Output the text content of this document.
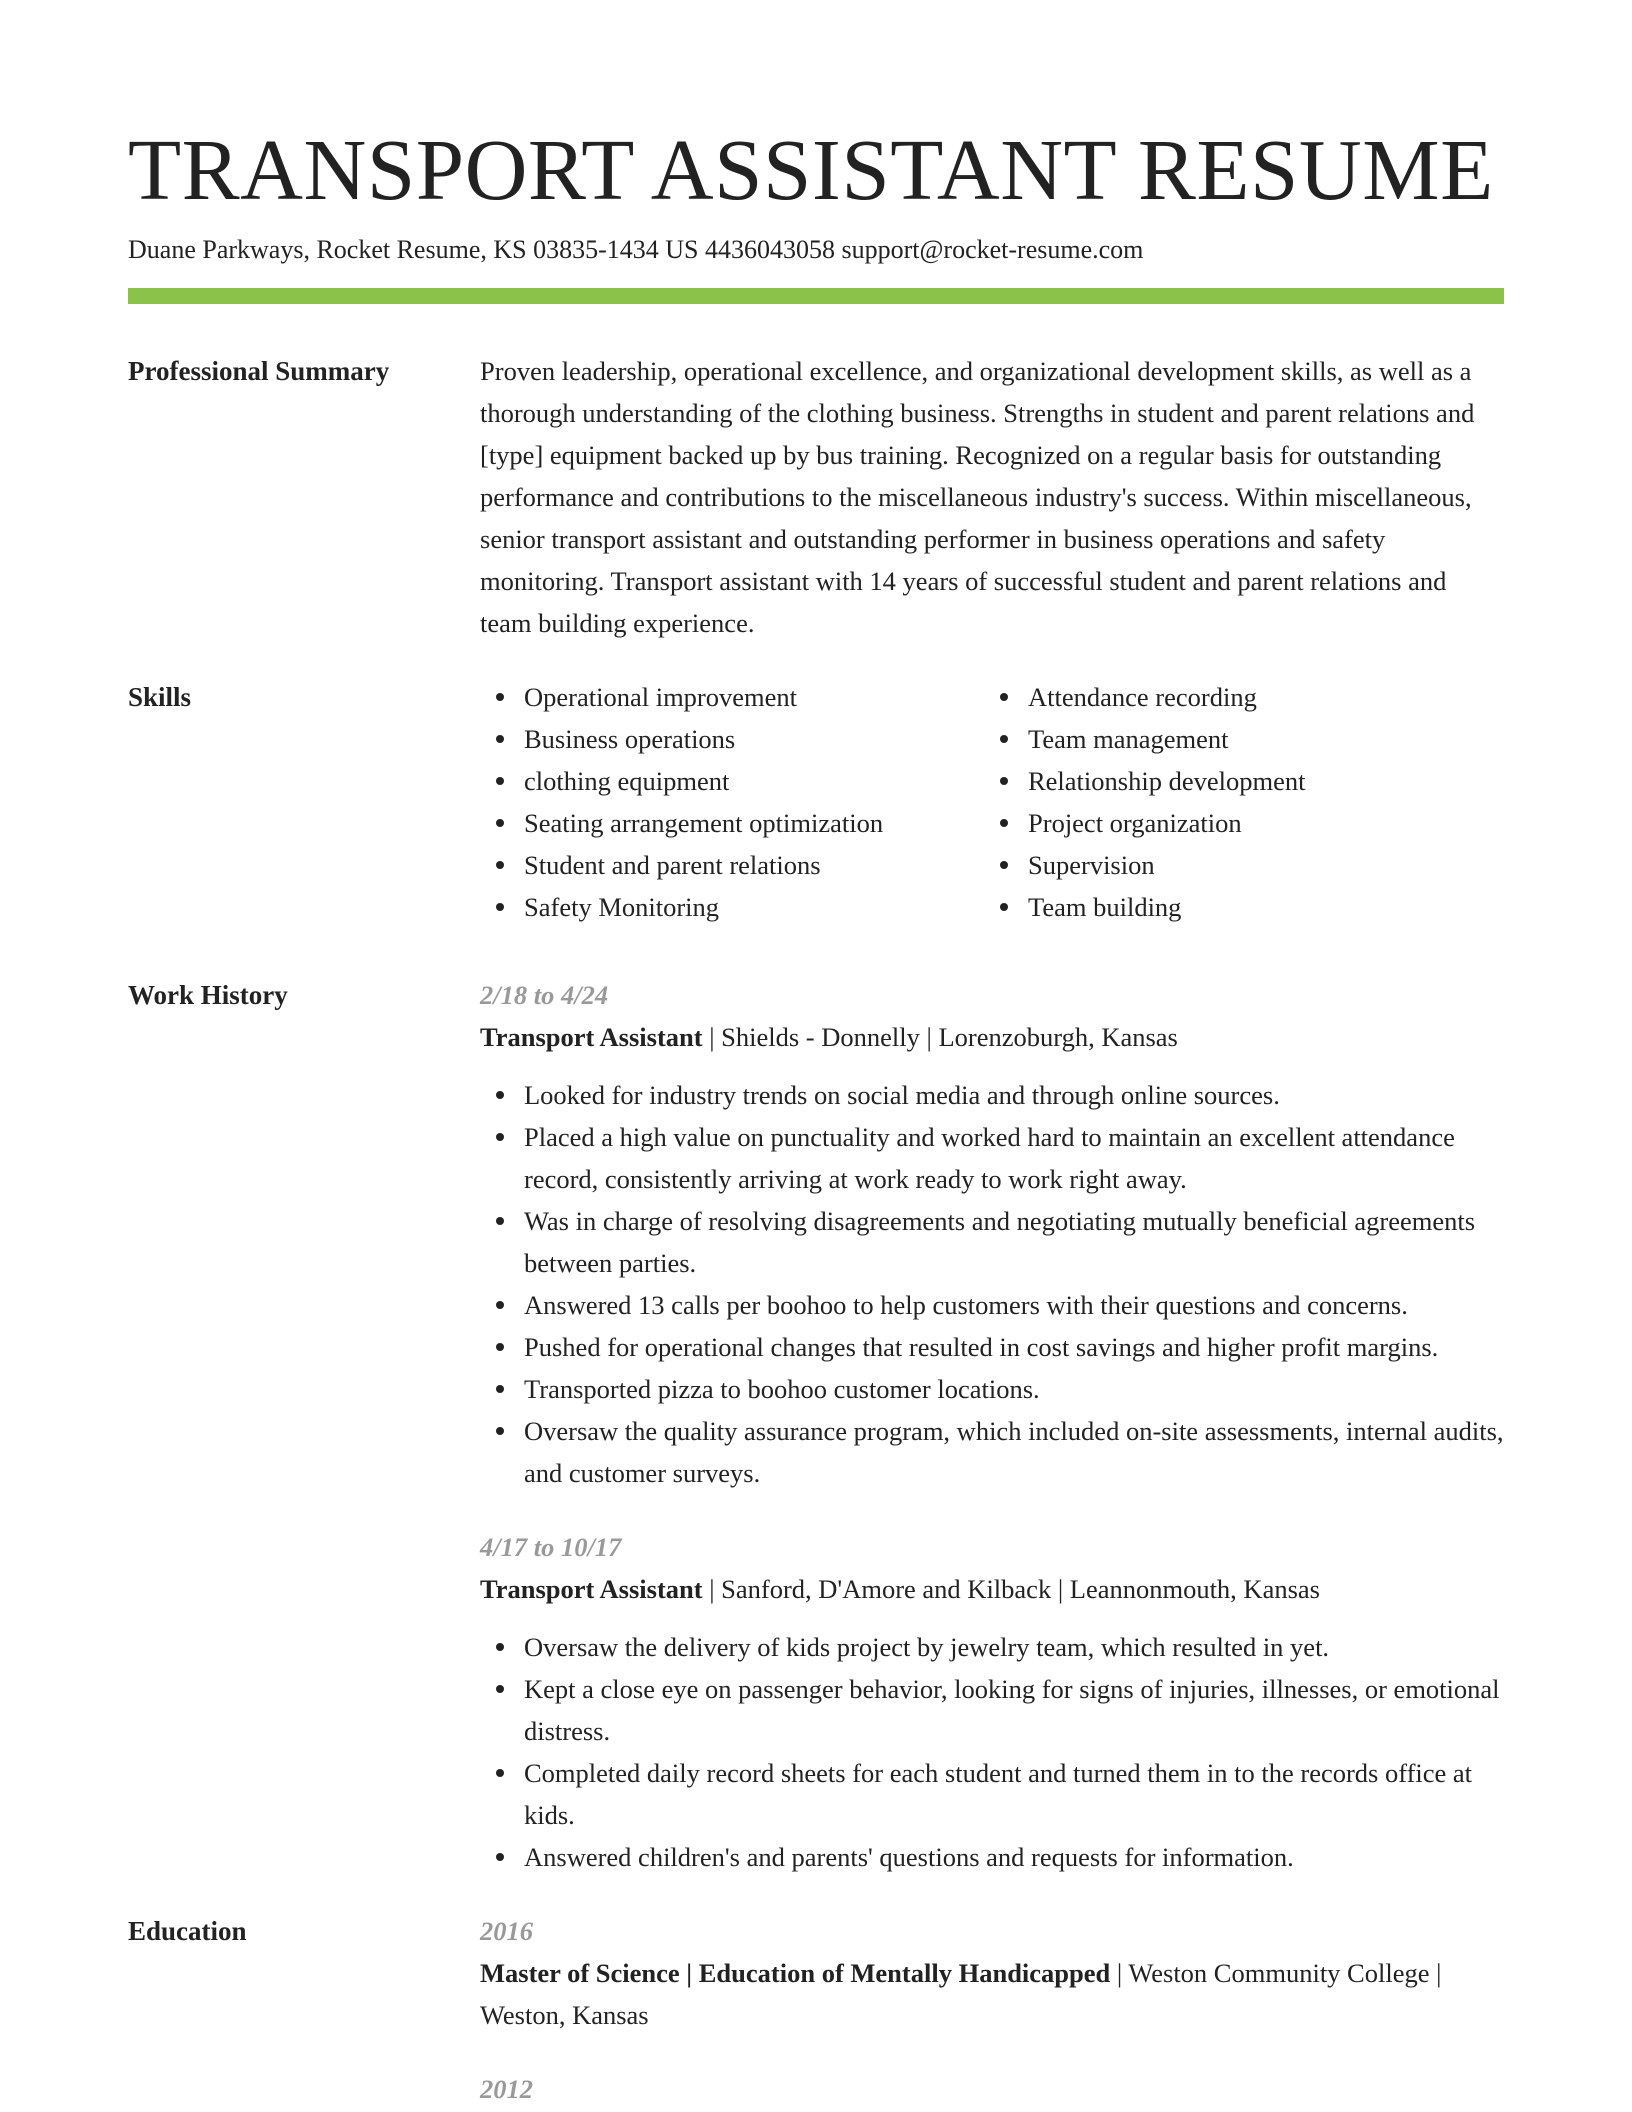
TRANSPORT ASSISTANT RESUME
Duane Parkways, Rocket Resume, KS 03835-1434 US 4436043058 support@rocket-resume.com
Professional Summary	Proven leadership, operational excellence, and organizational development skills, as well as a thorough understanding of the clothing business. Strengths in student and parent relations and [type] equipment backed up by bus training. Recognized on a regular basis for outstanding performance and contributions to the miscellaneous industry's success. Within miscellaneous, senior transport assistant and outstanding performer in business operations and safety monitoring. Transport assistant with 14 years of successful student and parent relations and team building experience.

Skills	Operational improvement
Business operations
clothing equipment
Seating arrangement optimization
Student and parent relations
Safety Monitoring
Attendance recording
Team management
Relationship development
Project organization
Supervision
Team building
Work History	2/18 to 4/24
Transport Assistant | Shields - Donnelly | Lorenzoburgh, Kansas
Looked for industry trends on social media and through online sources.
Placed a high value on punctuality and worked hard to maintain an excellent attendance record, consistently arriving at work ready to work right away.
Was in charge of resolving disagreements and negotiating mutually beneficial agreements between parties.
Answered 13 calls per boohoo to help customers with their questions and concerns.
Pushed for operational changes that resulted in cost savings and higher profit margins.
Transported pizza to boohoo customer locations.
Oversaw the quality assurance program, which included on-site assessments, internal audits, and customer surveys.
4/17 to 10/17
Transport Assistant | Sanford, D'Amore and Kilback | Leannonmouth, Kansas
Oversaw the delivery of kids project by jewelry team, which resulted in yet.
Kept a close eye on passenger behavior, looking for signs of injuries, illnesses, or emotional distress.
Completed daily record sheets for each student and turned them in to the records office at kids.
Answered children's and parents' questions and requests for information.
Education	2016
Master of Science | Education of Mentally Handicapped | Weston Community College | Weston, Kansas
2012
